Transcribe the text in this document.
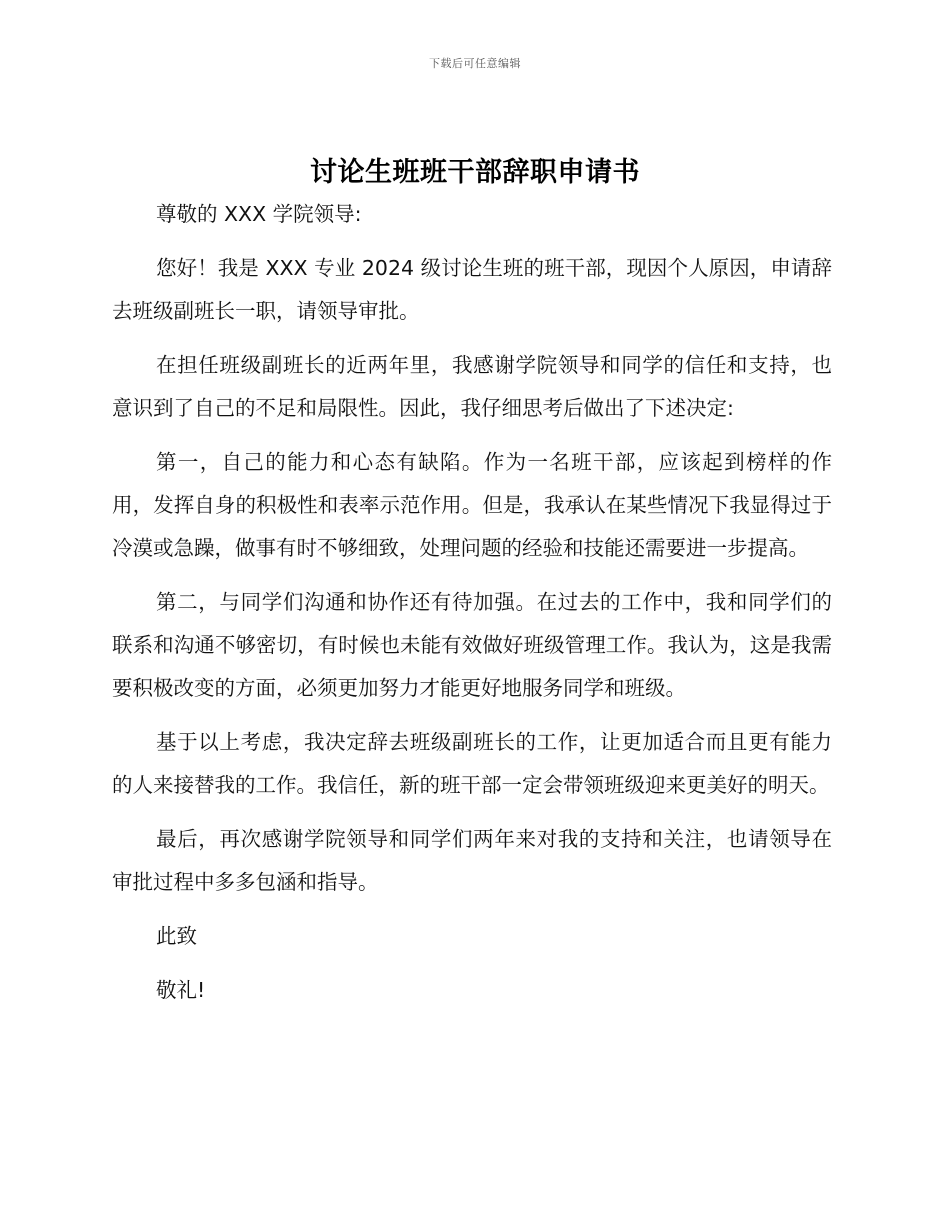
下载后可任意编辑
讨论生班班干部辞职申请书

尊敬的 XXX 学院领导:

您好！我是 XXX 专业 2024 级讨论生班的班干部，现因个人原因，申请辞去班级副班长一职，请领导审批。

在担任班级副班长的近两年里，我感谢学院领导和同学的信任和支持，也意识到了自己的不足和局限性。因此，我仔细思考后做出了下述决定:

第一，自己的能力和心态有缺陷。作为一名班干部，应该起到榜样的作用，发挥自身的积极性和表率示范作用。但是，我承认在某些情况下我显得过于冷漠或急躁，做事有时不够细致，处理问题的经验和技能还需要进一步提高。

第二，与同学们沟通和协作还有待加强。在过去的工作中，我和同学们的联系和沟通不够密切，有时候也未能有效做好班级管理工作。我认为，这是我需要积极改变的方面，必须更加努力才能更好地服务同学和班级。

基于以上考虑，我决定辞去班级副班长的工作，让更加适合而且更有能力的人来接替我的工作。我信任，新的班干部一定会带领班级迎来更美好的明天。

最后，再次感谢学院领导和同学们两年来对我的支持和关注，也请领导在审批过程中多多包涵和指导。

此致

敬礼!
